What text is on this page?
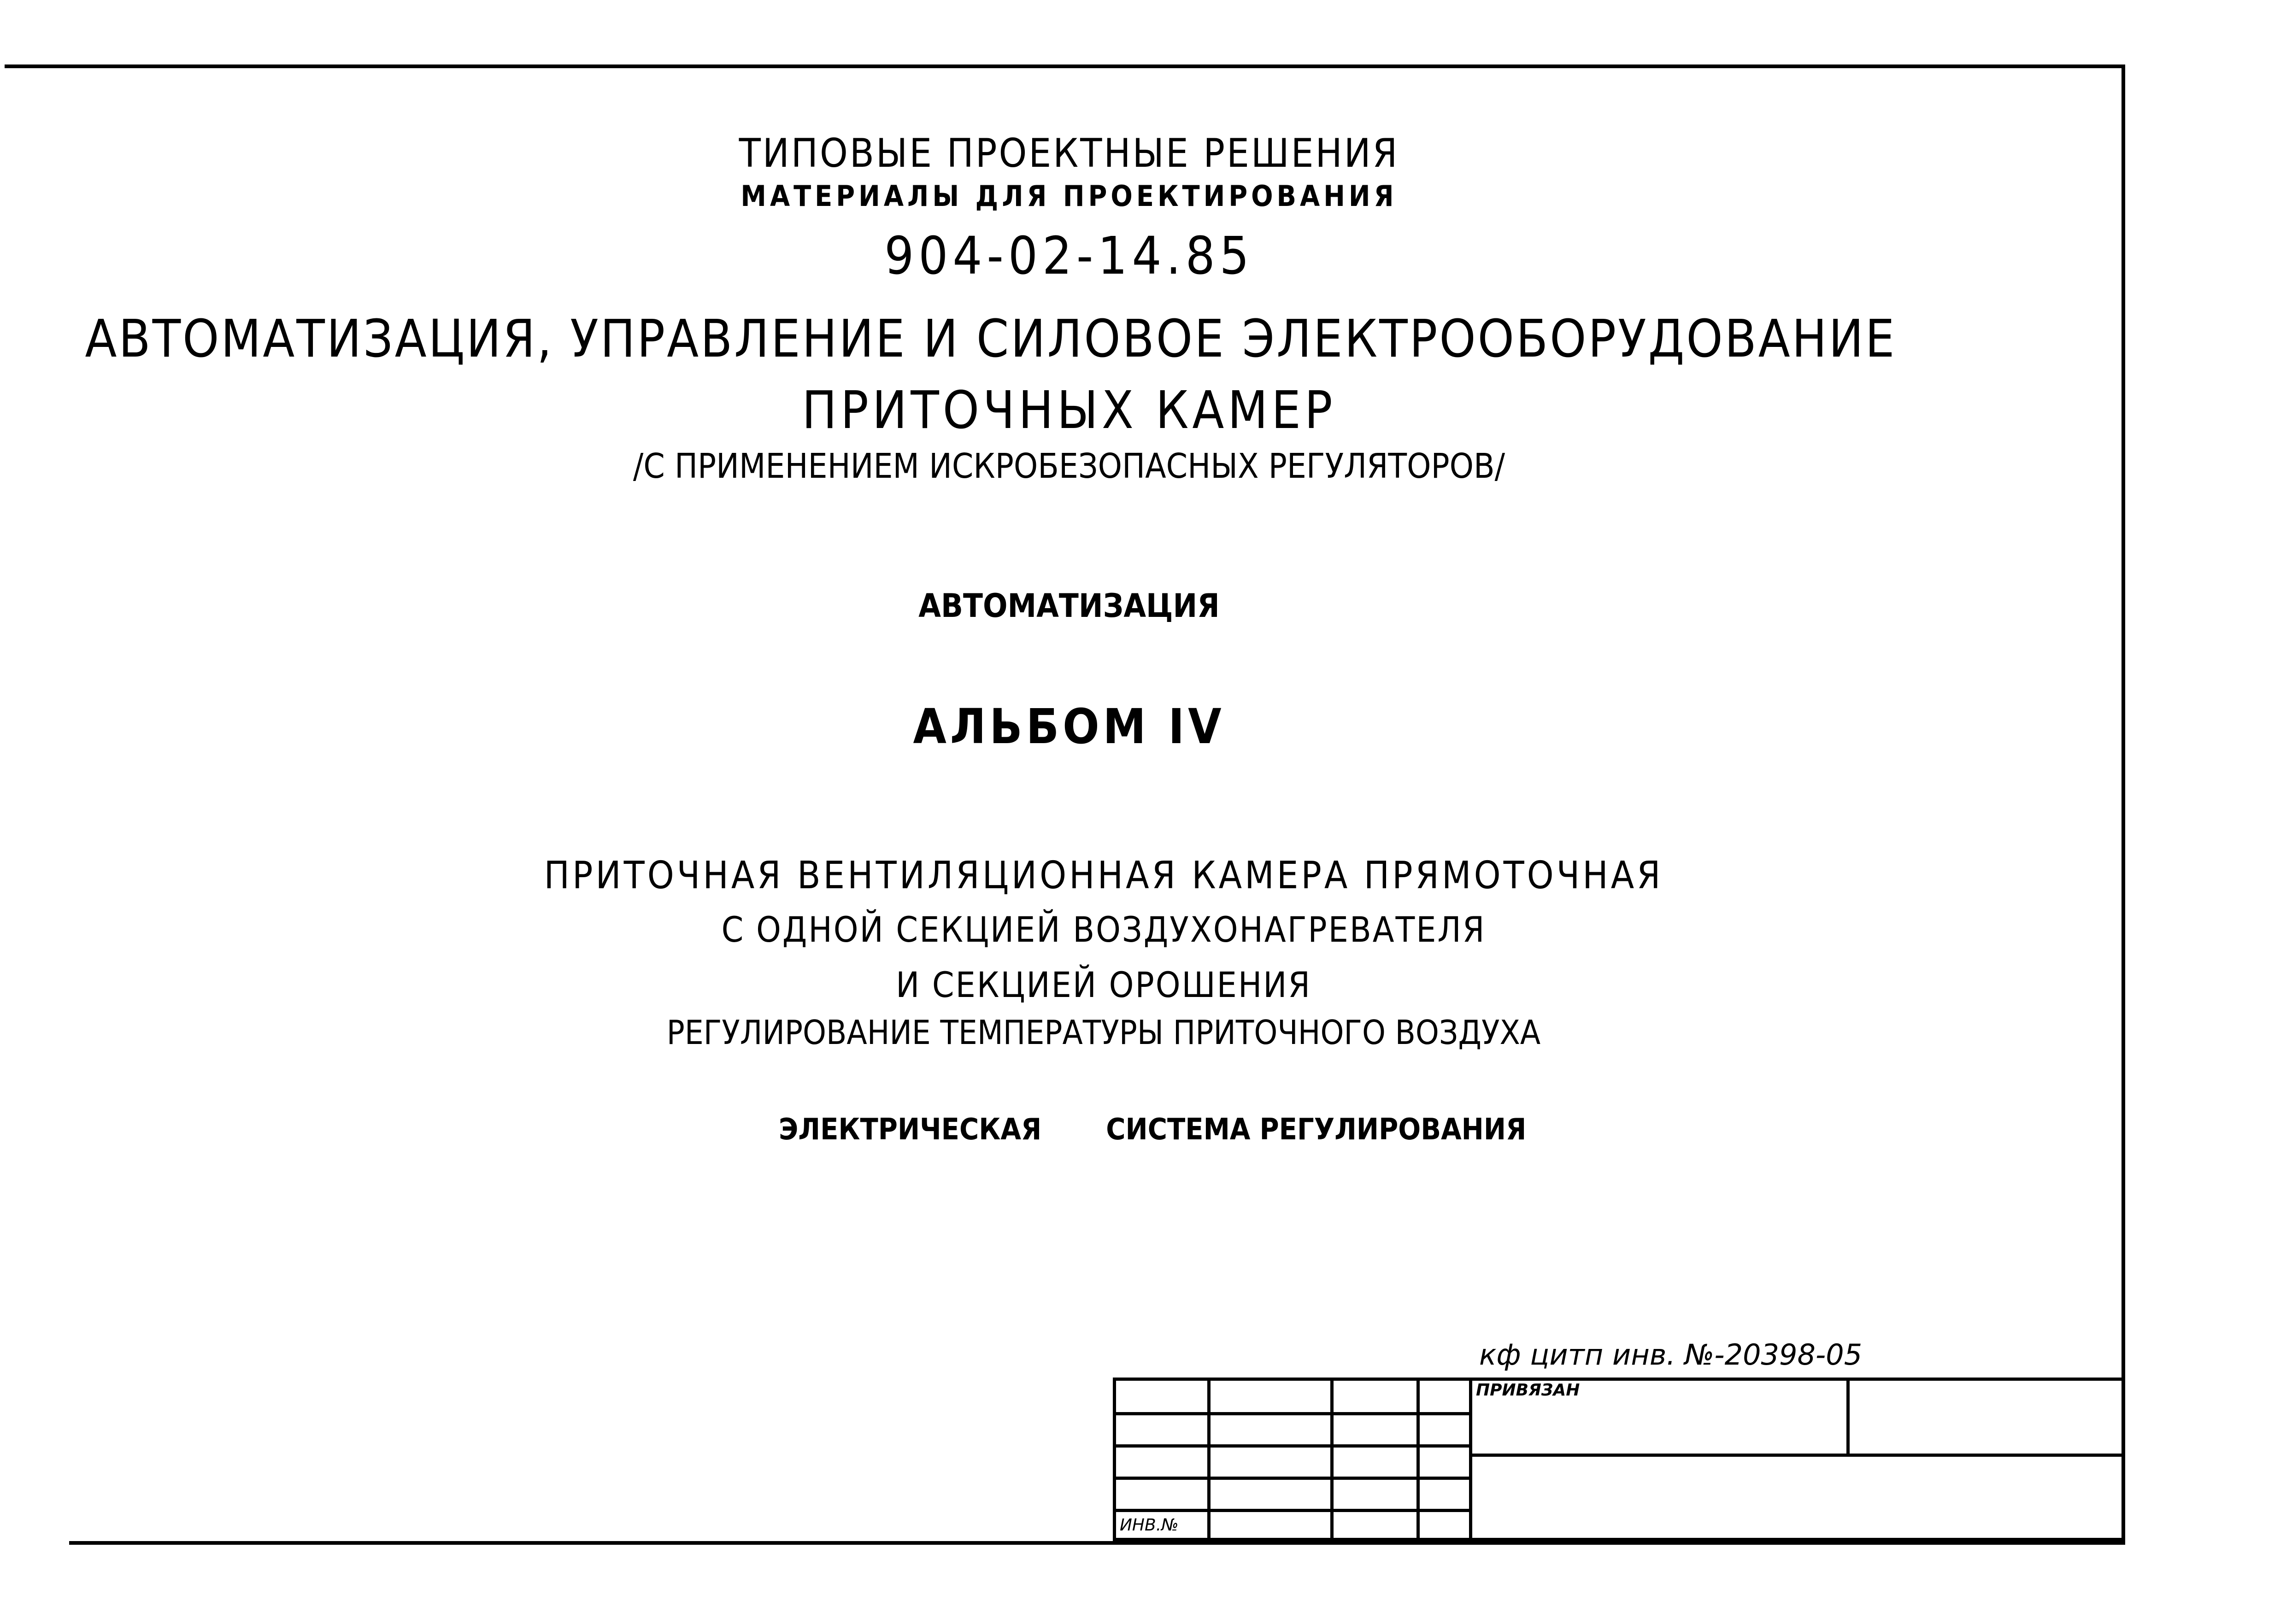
ТИПОВЫЕ ПРОЕКТНЫЕ РЕШЕНИЯ
МАТЕРИАЛЫ ДЛЯ ПРОЕКТИРОВАНИЯ
904-02-14.85
АВТОМАТИЗАЦИЯ, УПРАВЛЕНИЕ И СИЛОВОЕ ЭЛЕКТРООБОРУДОВАНИЕ
ПРИТОЧНЫХ КАМЕР
/С ПРИМЕНЕНИЕМ ИСКРОБЕЗОПАСНЫХ РЕГУЛЯТОРОВ/
АВТОМАТИЗАЦИЯ
АЛЬБОМ IV
ПРИТОЧНАЯ ВЕНТИЛЯЦИОННАЯ КАМЕРА ПРЯМОТОЧНАЯ
С ОДНОЙ СЕКЦИЕЙ ВОЗДУХОНАГРЕВАТЕЛЯ
И СЕКЦИЕЙ ОРОШЕНИЯ
РЕГУЛИРОВАНИЕ ТЕМПЕРАТУРЫ ПРИТОЧНОГО ВОЗДУХА
ЭЛЕКТРИЧЕСКАЯ СИСТЕМА РЕГУЛИРОВАНИЯ
кф цитп инв. №-20398-05

ИНВ.№			
ПРИВЯЗАН	
